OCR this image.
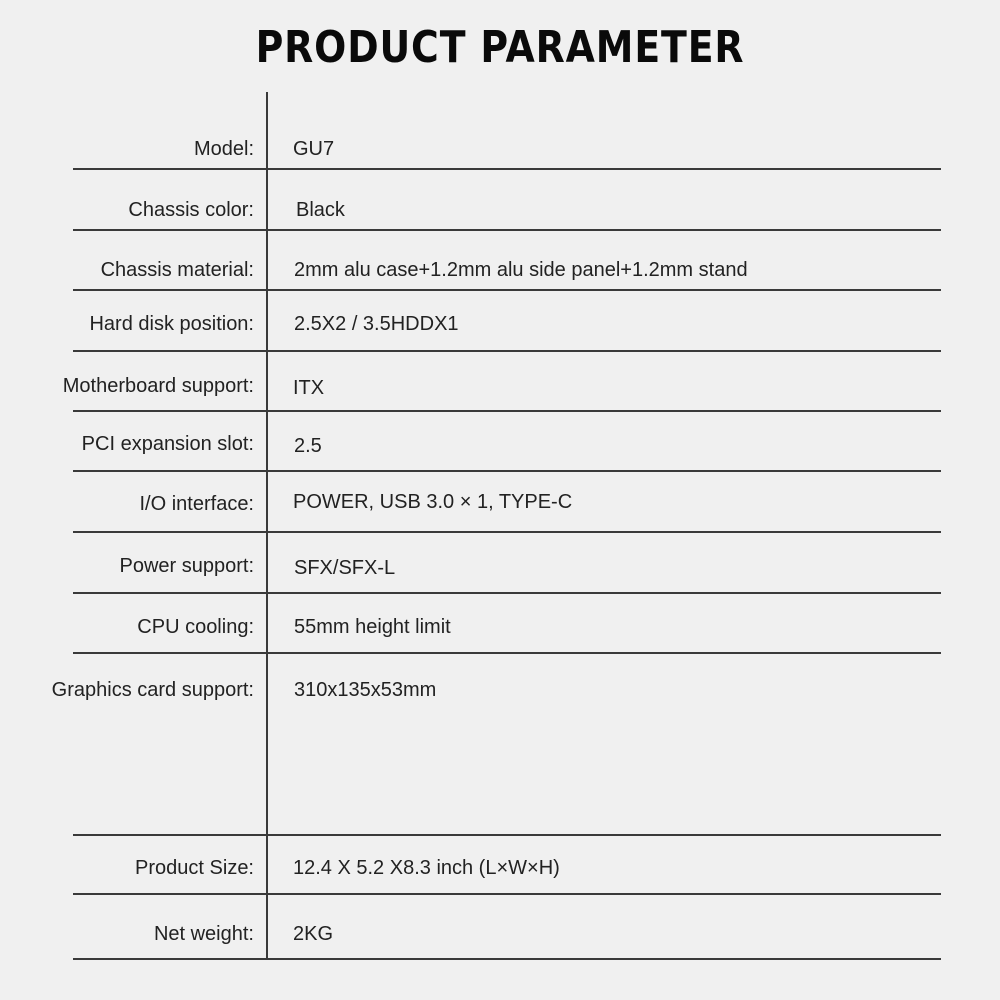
PRODUCT PARAMETER
Model: GU7
Chassis color: Black
Chassis material: 2mm alu case+1.2mm alu side panel+1.2mm stand
Hard disk position: 2.5X2 / 3.5HDDX1
Motherboard support: ITX
PCI expansion slot: 2.5
I/O interface: POWER, USB 3.0 × 1, TYPE-C
Power support: SFX/SFX-L
CPU cooling: 55mm height limit
Graphics card support: 310x135x53mm
Product Size: 12.4 X 5.2 X8.3 inch (L×W×H)
Net weight: 2KG
